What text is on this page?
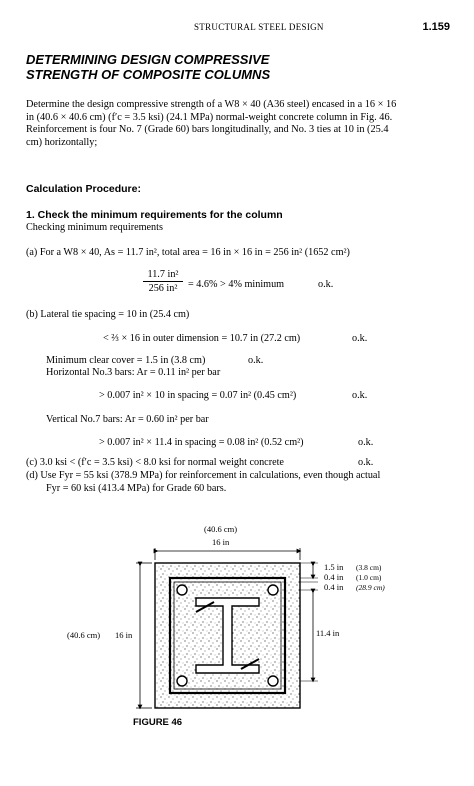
STRUCTURAL STEEL DESIGN	1.159
DETERMINING DESIGN COMPRESSIVE
STRENGTH OF COMPOSITE COLUMNS
Determine the design compressive strength of a W8 × 40 (A36 steel) encased in a 16 × 16
in (40.6 × 40.6 cm) (f′c = 3.5 ksi) (24.1 MPa) normal-weight concrete column in Fig. 46.
Reinforcement is four No. 7 (Grade 60) bars longitudinally, and No. 3 ties at 10 in (25.4
cm) horizontally;
Calculation Procedure:
1. Check the minimum requirements for the column
Checking minimum requirements
(a) For a W8 × 40, As = 11.7 in², total area = 16 in × 16 in = 256 in² (1652 cm²)
$\frac{\text{11.7 in²}}{\text{256 in²}} = 4.6\% > 4\%$ minimum	o.k.
(b) Lateral tie spacing = 10 in (25.4 cm)
< ⅔ × 16 in outer dimension = 10.7 in (27.2 cm)	o.k.
Minimum clear cover = 1.5 in (3.8 cm)	o.k.
Horizontal No.3 bars: Ar = 0.11 in² per bar
> 0.007 in² × 10 in spacing = 0.07 in² (0.45 cm²)	o.k.
Vertical No.7 bars: Ar = 0.60 in² per bar
> 0.007 in² × 11.4 in spacing = 0.08 in² (0.52 cm²)	o.k.
(c) 3.0 ksi < (f′c = 3.5 ksi) < 8.0 ksi for normal weight concrete	o.k.
(d) Use Fyr = 55 ksi (378.9 MPa) for reinforcement in calculations, even though actual
Fyr = 60 ksi (413.4 MPa) for Grade 60 bars.
(40.6 cm)
16 in
(40.6 cm) 16 in	11.4 in
1.5 in (3.8 cm)
0.4 in (1.0 cm)
0.4 in (28.9 cm)
FIGURE 46
